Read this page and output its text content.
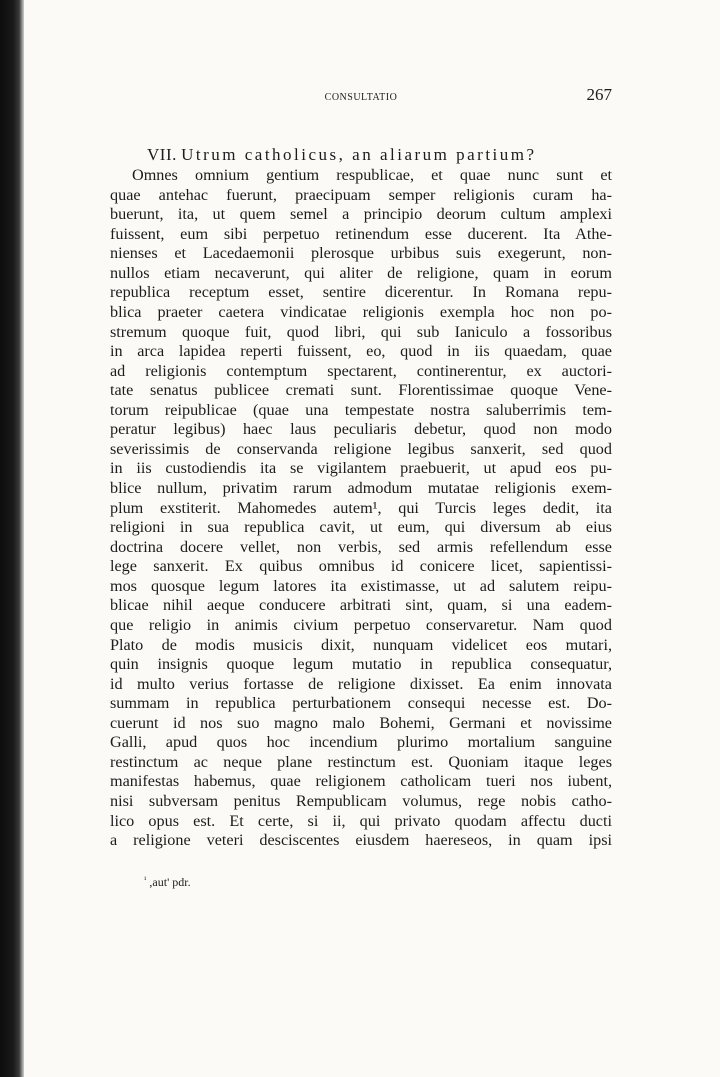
CONSULTATIO	267
VII. Utrum catholicus, an aliarum partium?
Omnes omnium gentium respublicae, et quae nunc sunt et
quae antehac fuerunt, praecipuam semper religionis curam ha-
buerunt, ita, ut quem semel a principio deorum cultum amplexi
fuissent, eum sibi perpetuo retinendum esse ducerent. Ita Athe-
nienses et Lacedaemonii plerosque urbibus suis exegerunt, non-
nullos etiam necaverunt, qui aliter de religione, quam in eorum
republica receptum esset, sentire dicerentur. In Romana repu-
blica praeter caetera vindicatae religionis exempla hoc non po-
stremum quoque fuit, quod libri, qui sub Ianiculo a fossoribus
in arca lapidea reperti fuissent, eo, quod in iis quaedam, quae
ad religionis contemptum spectarent, continerentur, ex auctori-
tate senatus publicee cremati sunt. Florentissimae quoque Vene-
torum reipublicae (quae una tempestate nostra saluberrimis tem-
peratur legibus) haec laus peculiaris debetur, quod non modo
severissimis de conservanda religione legibus sanxerit, sed quod
in iis custodiendis ita se vigilantem praebuerit, ut apud eos pu-
blice nullum, privatim rarum admodum mutatae religionis exem-
plum exstiterit. Mahomedes autem¹, qui Turcis leges dedit, ita
religioni in sua republica cavit, ut eum, qui diversum ab eius
doctrina docere vellet, non verbis, sed armis refellendum esse
lege sanxerit. Ex quibus omnibus id conicere licet, sapientissi-
mos quosque legum latores ita existimasse, ut ad salutem reipu-
blicae nihil aeque conducere arbitrati sint, quam, si una eadem-
que religio in animis civium perpetuo conservaretur. Nam quod
Plato de modis musicis dixit, nunquam videlicet eos mutari,
quin insignis quoque legum mutatio in republica consequatur,
id multo verius fortasse de religione dixisset. Ea enim innovata
summam in republica perturbationem consequi necesse est. Do-
cuerunt id nos suo magno malo Bohemi, Germani et novissime
Galli, apud quos hoc incendium plurimo mortalium sanguine
restinctum ac neque plane restinctum est. Quoniam itaque leges
manifestas habemus, quae religionem catholicam tueri nos iubent,
nisi subversam penitus Rempublicam volumus, rege nobis catho-
lico opus est. Et certe, si ii, qui privato quodam affectu ducti
a religione veteri desciscentes eiusdem haereseos, in quam ipsi
$^{^1}$ ,aut' pdr.
